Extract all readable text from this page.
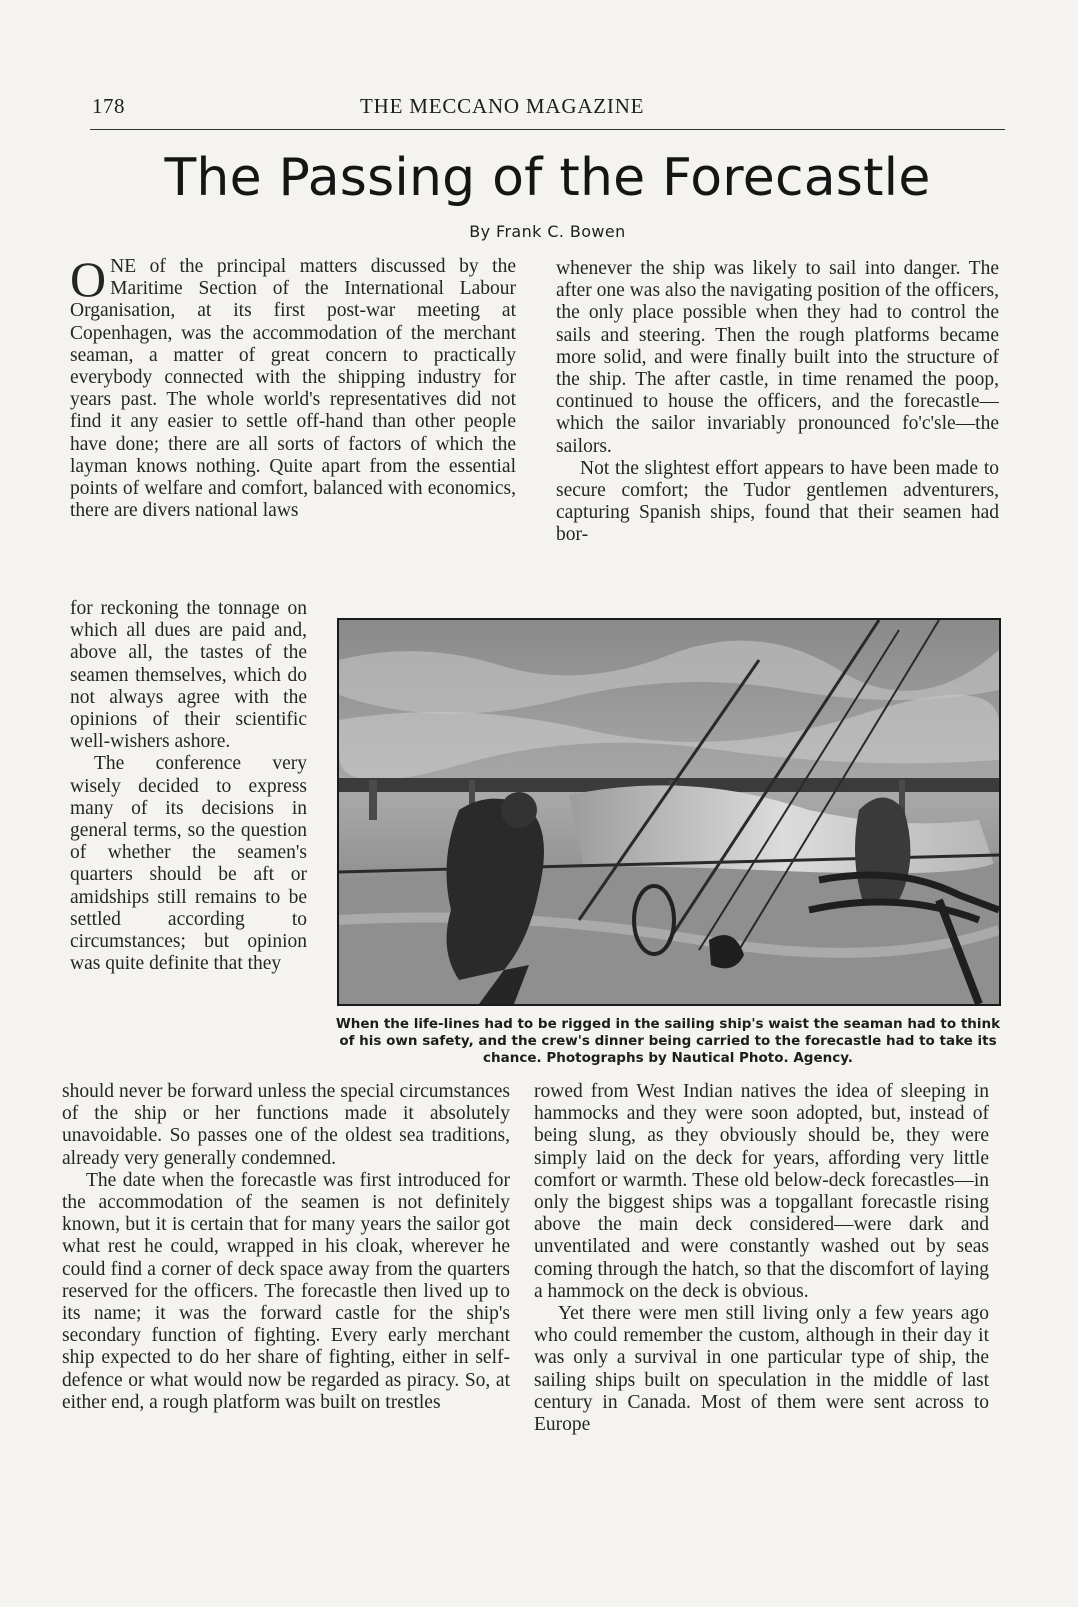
178	THE MECCANO MAGAZINE
The Passing of the Forecastle
By Frank C. Bowen

ONE of the principal matters discussed by the Maritime Section of the International Labour Organisation, at its first post-war meeting at Copenhagen, was the accommodation of the merchant seaman, a matter of great concern to practically everybody connected with the shipping industry for years past. The whole world's representatives did not find it any easier to settle off-hand than other people have done; there are all sorts of factors of which the layman knows nothing. Quite apart from the essential points of welfare and comfort, balanced with economics, there are divers national laws

for reckoning the tonnage on which all dues are paid and, above all, the tastes of the seamen themselves, which do not always agree with the opinions of their scientific well-wishers ashore.

The conference very wisely decided to express many of its decisions in general terms, so the question of whether the seamen's quarters should be aft or amidships still remains to be settled according to circumstances; but opinion was quite definite that they

When the life-lines had to be rigged in the sailing ship's waist the seaman had to think of his own safety, and the crew's dinner being carried to the forecastle had to take its chance. Photographs by Nautical Photo. Agency.

should never be forward unless the special circumstances of the ship or her functions made it absolutely unavoidable. So passes one of the oldest sea traditions, already very generally condemned.

The date when the forecastle was first introduced for the accommodation of the seamen is not definitely known, but it is certain that for many years the sailor got what rest he could, wrapped in his cloak, wherever he could find a corner of deck space away from the quarters reserved for the officers. The forecastle then lived up to its name; it was the forward castle for the ship's secondary function of fighting. Every early merchant ship expected to do her share of fighting, either in self-defence or what would now be regarded as piracy. So, at either end, a rough platform was built on trestles

whenever the ship was likely to sail into danger. The after one was also the navigating position of the officers, the only place possible when they had to control the sails and steering. Then the rough platforms became more solid, and were finally built into the structure of the ship. The after castle, in time renamed the poop, continued to house the officers, and the forecastle—which the sailor invariably pronounced fo'c'sle—the sailors.

Not the slightest effort appears to have been made to secure comfort; the Tudor gentlemen adventurers, capturing Spanish ships, found that their seamen had bor-

rowed from West Indian natives the idea of sleeping in hammocks and they were soon adopted, but, instead of being slung, as they obviously should be, they were simply laid on the deck for years, affording very little comfort or warmth. These old below-deck forecastles—in only the biggest ships was a topgallant forecastle rising above the main deck considered—were dark and unventilated and were constantly washed out by seas coming through the hatch, so that the discomfort of laying a hammock on the deck is obvious.

Yet there were men still living only a few years ago who could remember the custom, although in their day it was only a survival in one particular type of ship, the sailing ships built on speculation in the middle of last century in Canada. Most of them were sent across to Europe
